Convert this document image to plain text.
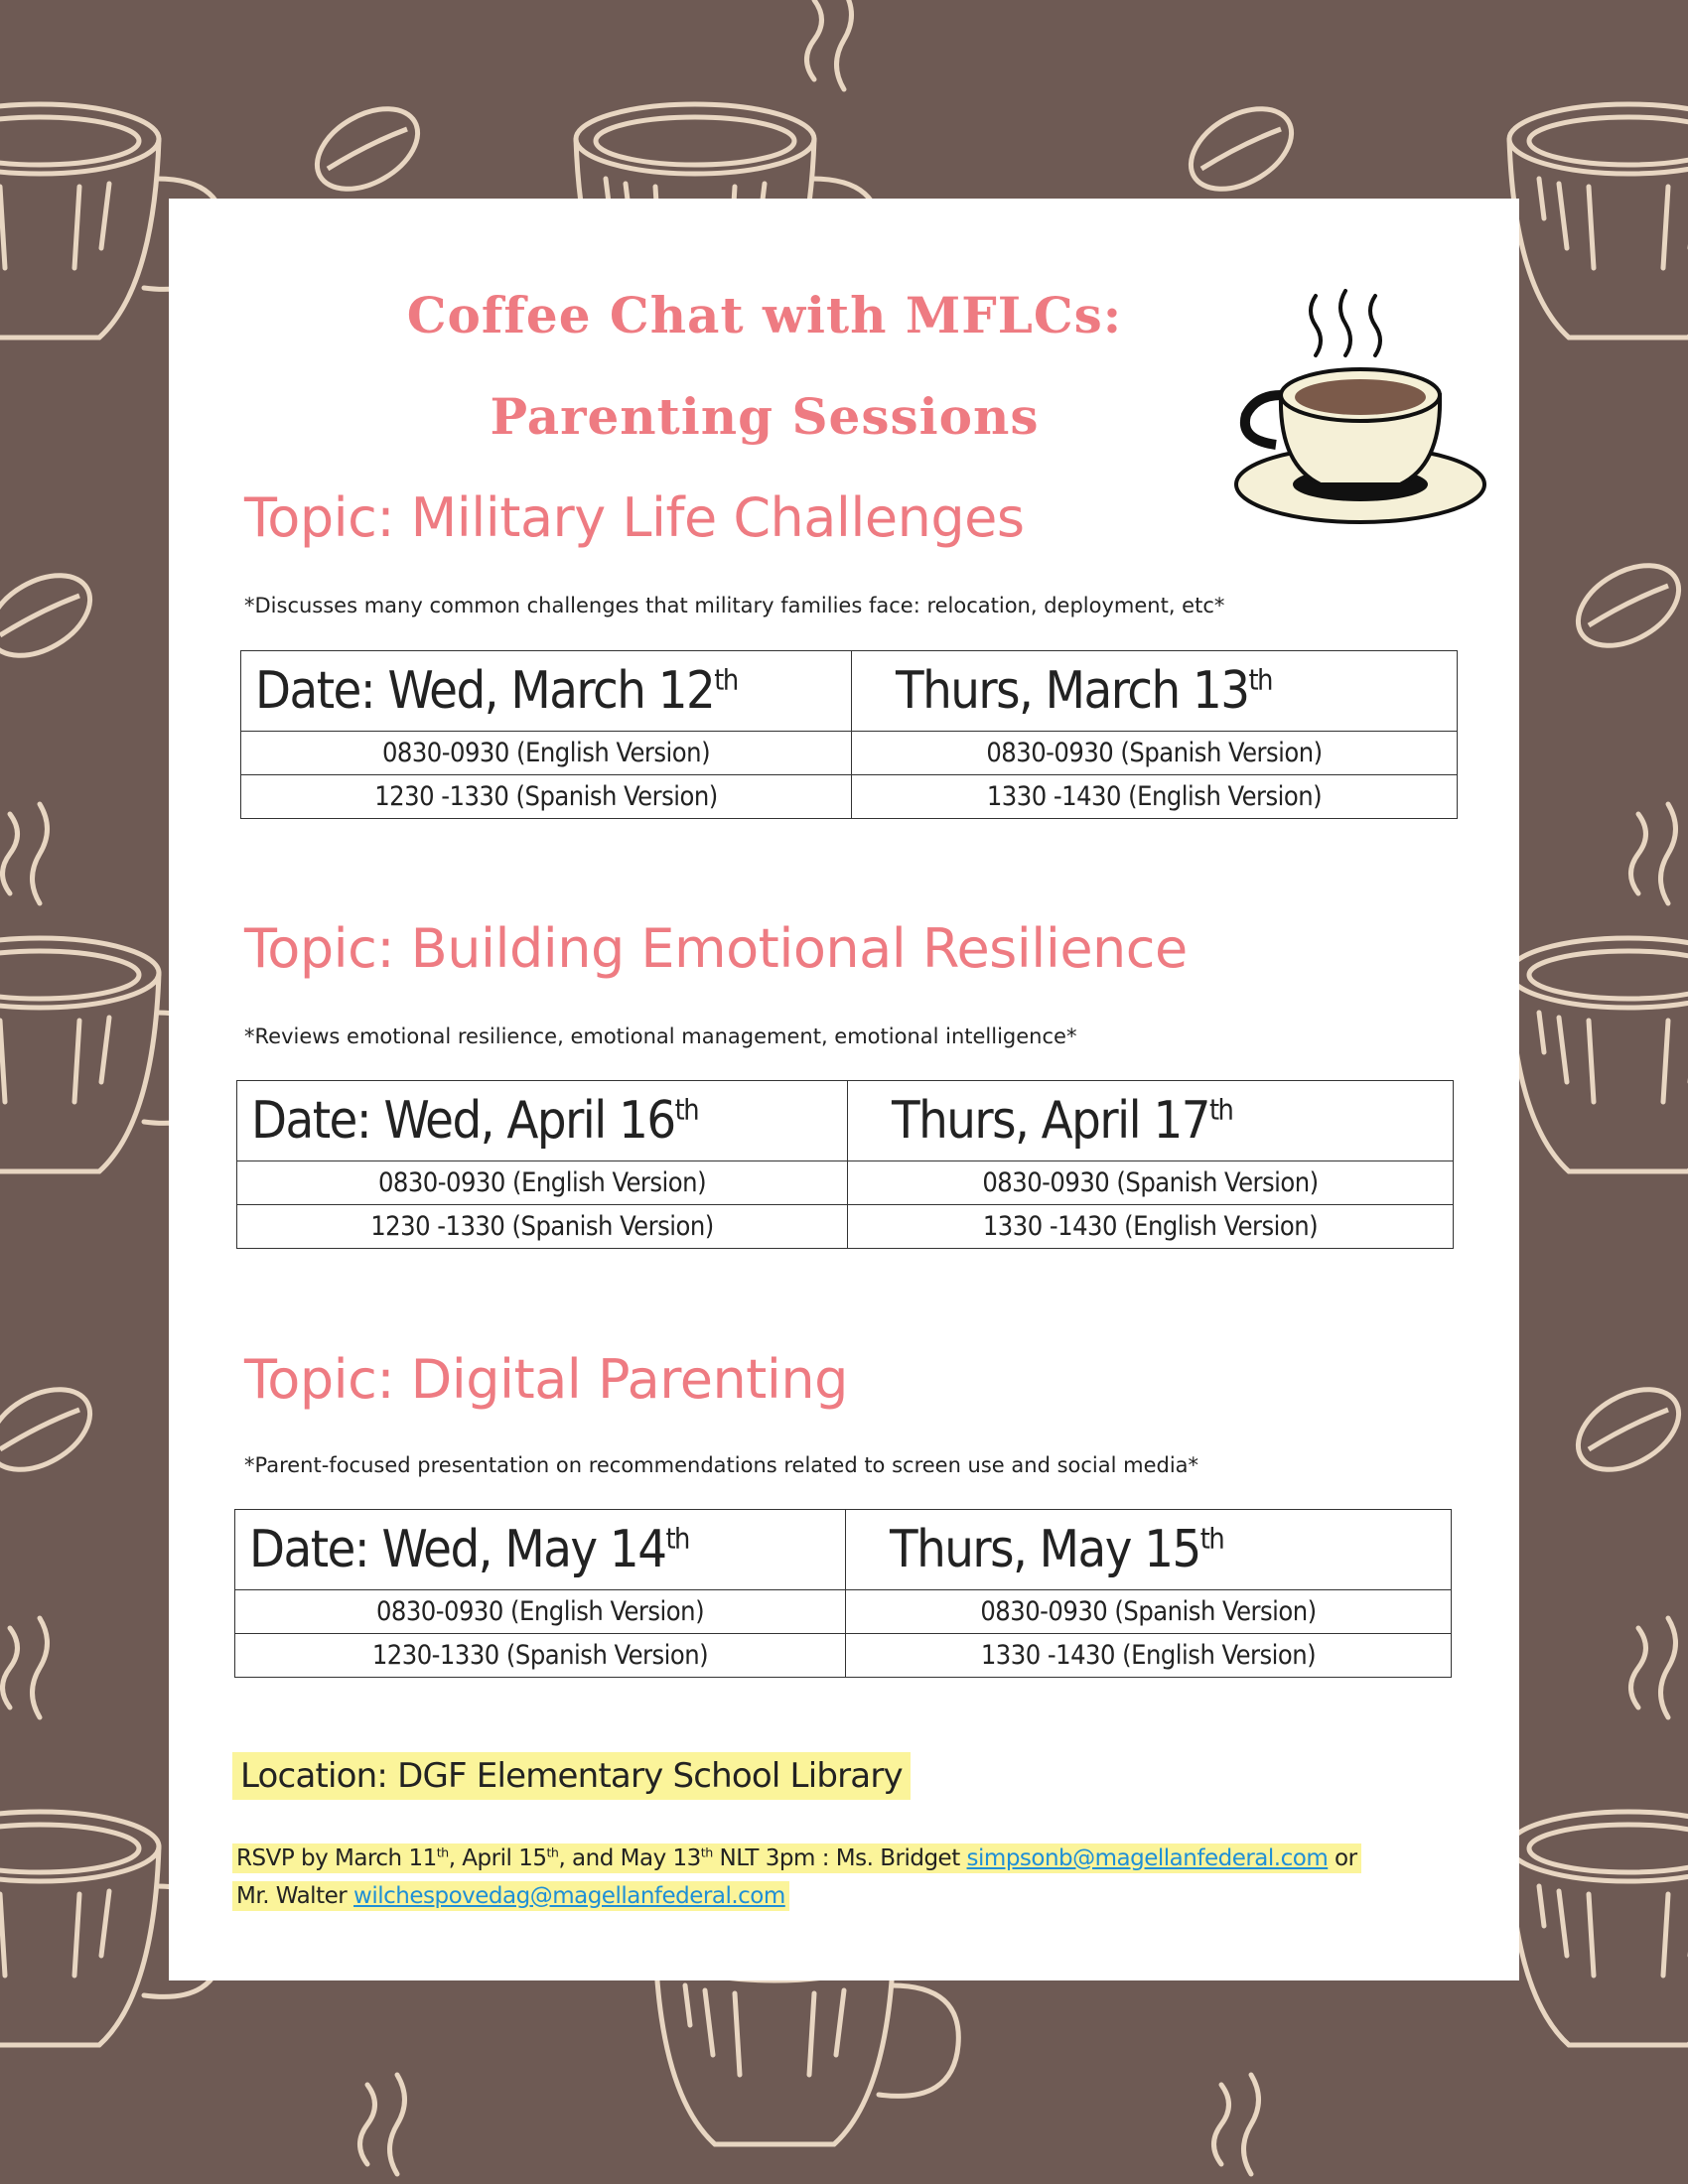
Coffee Chat with MFLCs:
Parenting Sessions
Topic: Military Life Challenges
*Discusses many common challenges that military families face: relocation, deployment, etc*
Date: Wed, March 12th	Thurs, March 13th
0830-0930 (English Version)	0830-0930 (Spanish Version)
1230 -1330 (Spanish Version)	1330 -1430 (English Version)
Topic: Building Emotional Resilience
*Reviews emotional resilience, emotional management, emotional intelligence*
Date: Wed, April 16th	Thurs, April 17th
0830-0930 (English Version)	0830-0930 (Spanish Version)
1230 -1330 (Spanish Version)	1330 -1430 (English Version)
Topic: Digital Parenting
*Parent-focused presentation on recommendations related to screen use and social media*
Date: Wed, May 14th	Thurs, May 15th
0830-0930 (English Version)	0830-0930 (Spanish Version)
1230-1330 (Spanish Version)	1330 -1430 (English Version)
Location: DGF Elementary School Library
RSVP by March 11th, April 15th, and May 13th NLT 3pm : Ms. Bridget simpsonb@magellanfederal.com or
Mr. Walter wilchespovedag@magellanfederal.com
